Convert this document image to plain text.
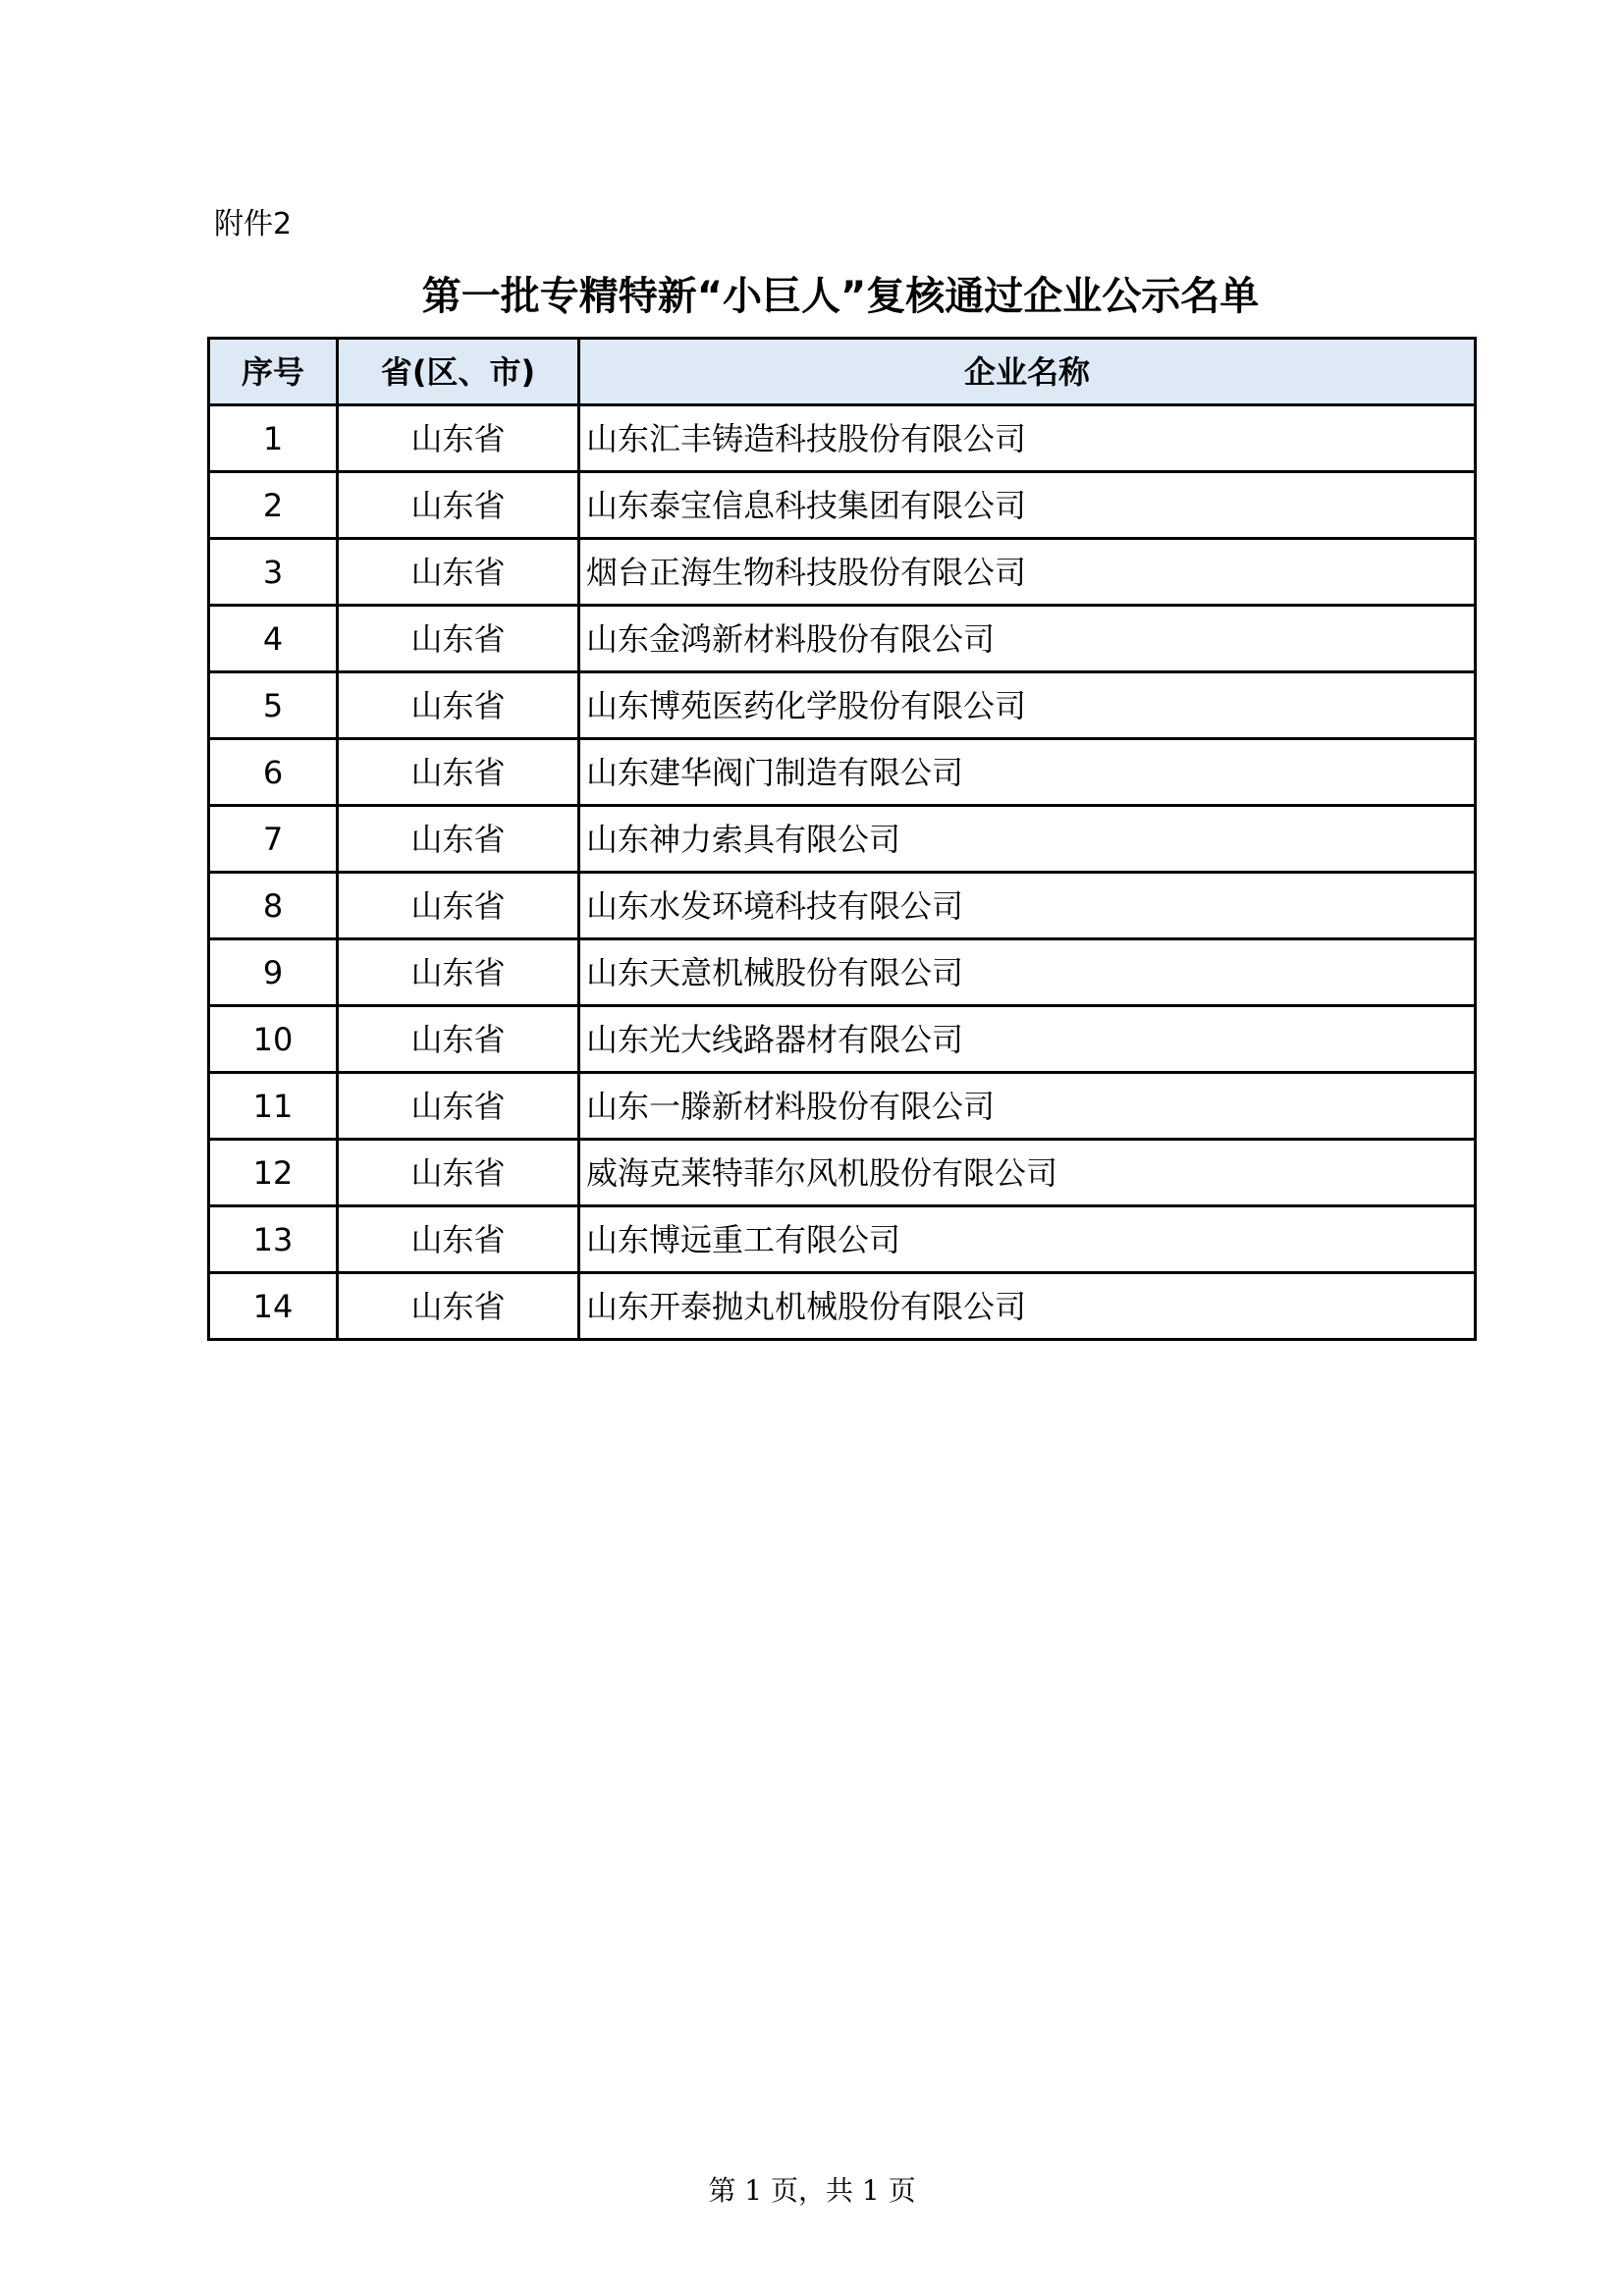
附件2
第一批专精特新“小巨人”复核通过企业公示名单
序号	省(区、市)	企业名称
1	山东省	山东汇丰铸造科技股份有限公司
2	山东省	山东泰宝信息科技集团有限公司
3	山东省	烟台正海生物科技股份有限公司
4	山东省	山东金鸿新材料股份有限公司
5	山东省	山东博苑医药化学股份有限公司
6	山东省	山东建华阀门制造有限公司
7	山东省	山东神力索具有限公司
8	山东省	山东水发环境科技有限公司
9	山东省	山东天意机械股份有限公司
10	山东省	山东光大线路器材有限公司
11	山东省	山东一滕新材料股份有限公司
12	山东省	威海克莱特菲尔风机股份有限公司
13	山东省	山东博远重工有限公司
14	山东省	山东开泰抛丸机械股份有限公司
第 1 页，共 1 页
